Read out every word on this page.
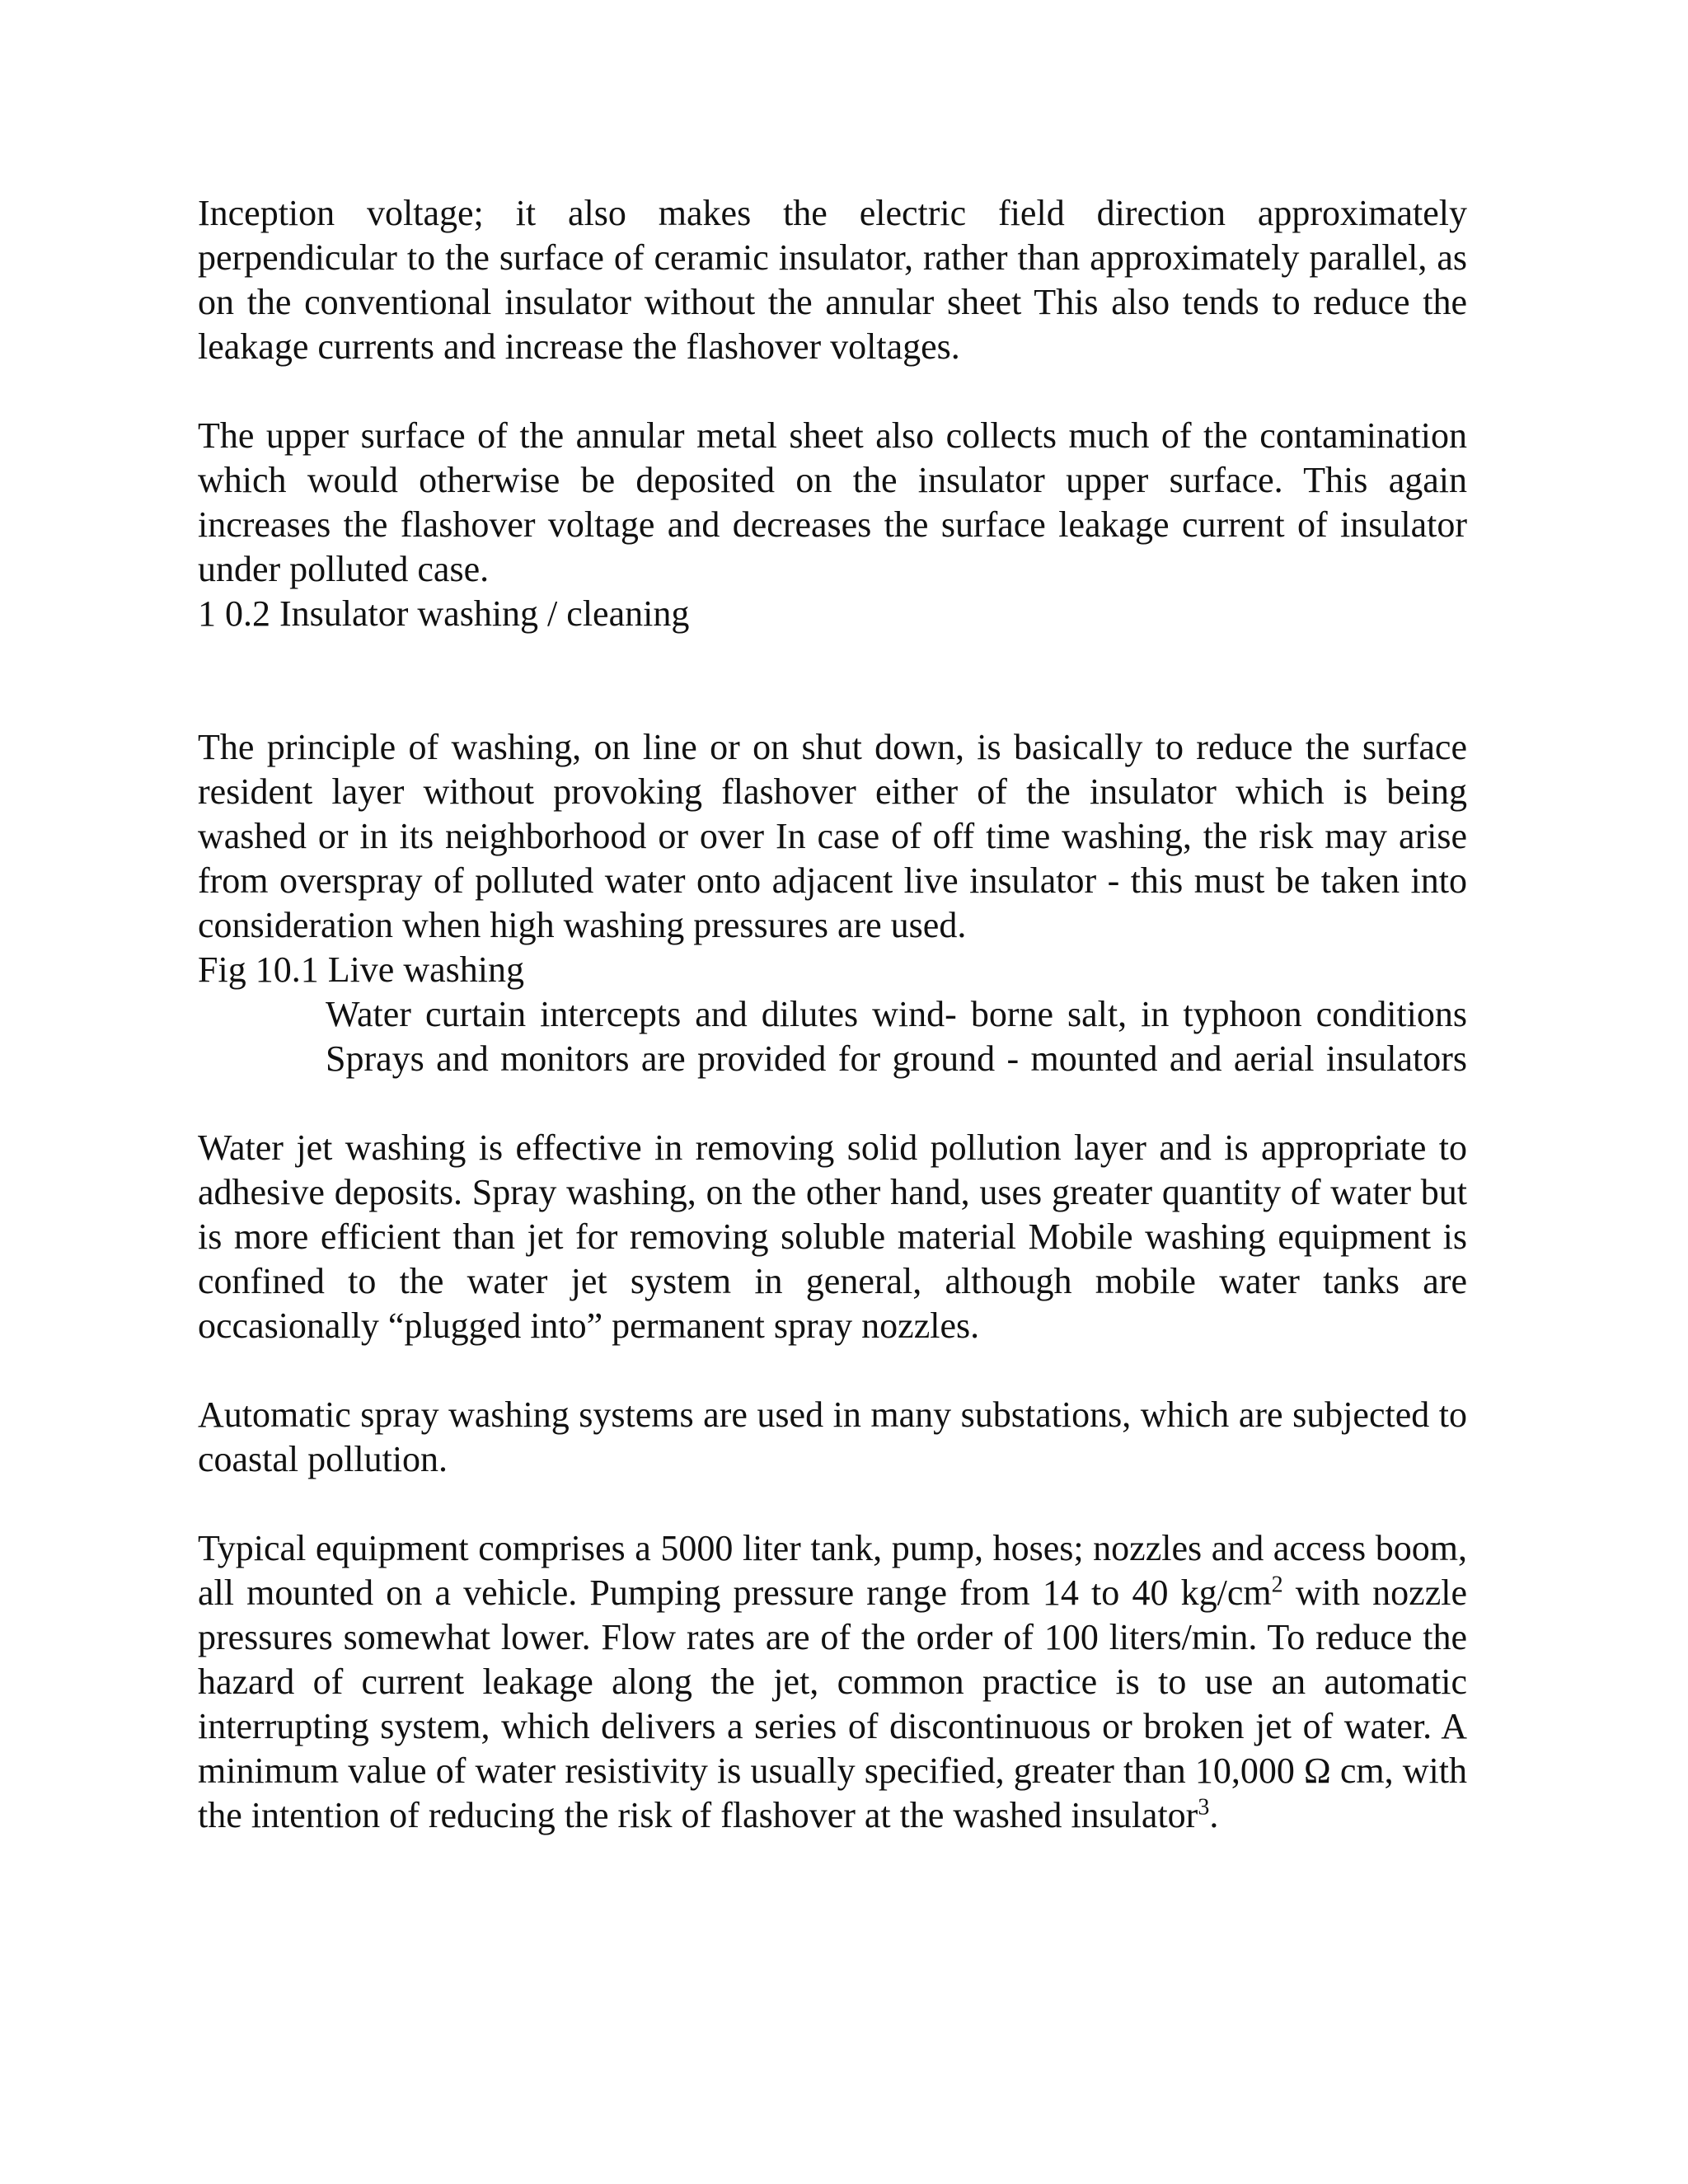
Inception voltage; it also makes the electric field direction approximately perpendicular to the surface of ceramic insulator, rather than approximately parallel, as on the conventional insulator without the annular sheet This also tends to reduce the leakage currents and increase the flashover voltages.

The upper surface of the annular metal sheet also collects much of the contamination which would otherwise be deposited on the insulator upper surface. This again increases the flashover voltage and decreases the surface leakage current of insulator under polluted case.

1 0.2 Insulator washing / cleaning

The principle of washing, on line or on shut down, is basically to reduce the surface resident layer without provoking flashover either of the insulator which is being washed or in its neighborhood or over In case of off time washing, the risk may arise from overspray of polluted water onto adjacent live insulator - this must be taken into consideration when high washing pressures are used.

Fig 10.1 Live washing

Water curtain intercepts and dilutes wind- borne salt, in typhoon conditions

Sprays and monitors are provided for ground - mounted and aerial insulators

Water jet washing is effective in removing solid pollution layer and is appropriate to adhesive deposits. Spray washing, on the other hand, uses greater quantity of water but is more efficient than jet for removing soluble material Mobile washing equipment is confined to the water jet system in general, although mobile water tanks are occasionally “plugged into” permanent spray nozzles.

Automatic spray washing systems are used in many substations, which are subjected to coastal pollution.

Typical equipment comprises a 5000 liter tank, pump, hoses; nozzles and access boom, all mounted on a vehicle. Pumping pressure range from 14 to 40 $kg/cm^2$ with nozzle pressures somewhat lower. Flow rates are of the order of 100 liters/min. To reduce the hazard of current leakage along the jet, common practice is to use an automatic interrupting system, which delivers a series of discontinuous or broken jet of water. A minimum value of water resistivity is usually specified, greater than 10,000 Ω cm, with the intention of reducing the risk of flashover at the washed insulator$^3$.
